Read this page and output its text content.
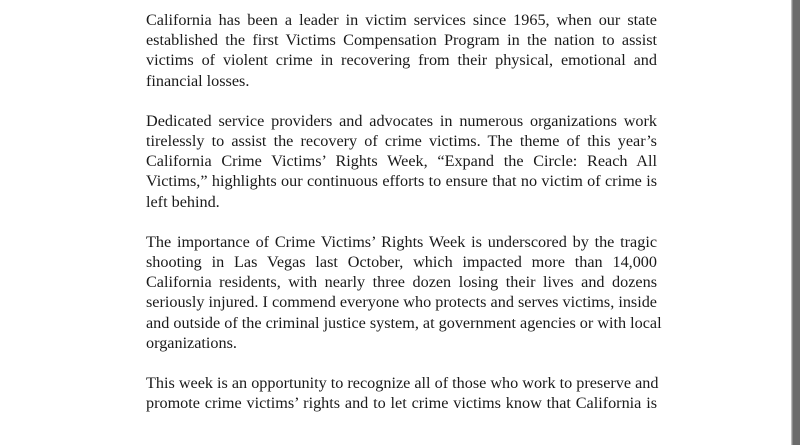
California has been a leader in victim services since 1965, when our state
established the first Victims Compensation Program in the nation to assist
victims of violent crime in recovering from their physical, emotional and
financial losses.

Dedicated service providers and advocates in numerous organizations work
tirelessly to assist the recovery of crime victims. The theme of this year’s
California Crime Victims’ Rights Week, “Expand the Circle: Reach All
Victims,” highlights our continuous efforts to ensure that no victim of crime is
left behind.

The importance of Crime Victims’ Rights Week is underscored by the tragic
shooting in Las Vegas last October, which impacted more than 14,000
California residents, with nearly three dozen losing their lives and dozens
seriously injured. I commend everyone who protects and serves victims, inside
and outside of the criminal justice system, at government agencies or with local
organizations.

This week is an opportunity to recognize all of those who work to preserve and
promote crime victims’ rights and to let crime victims know that California is
